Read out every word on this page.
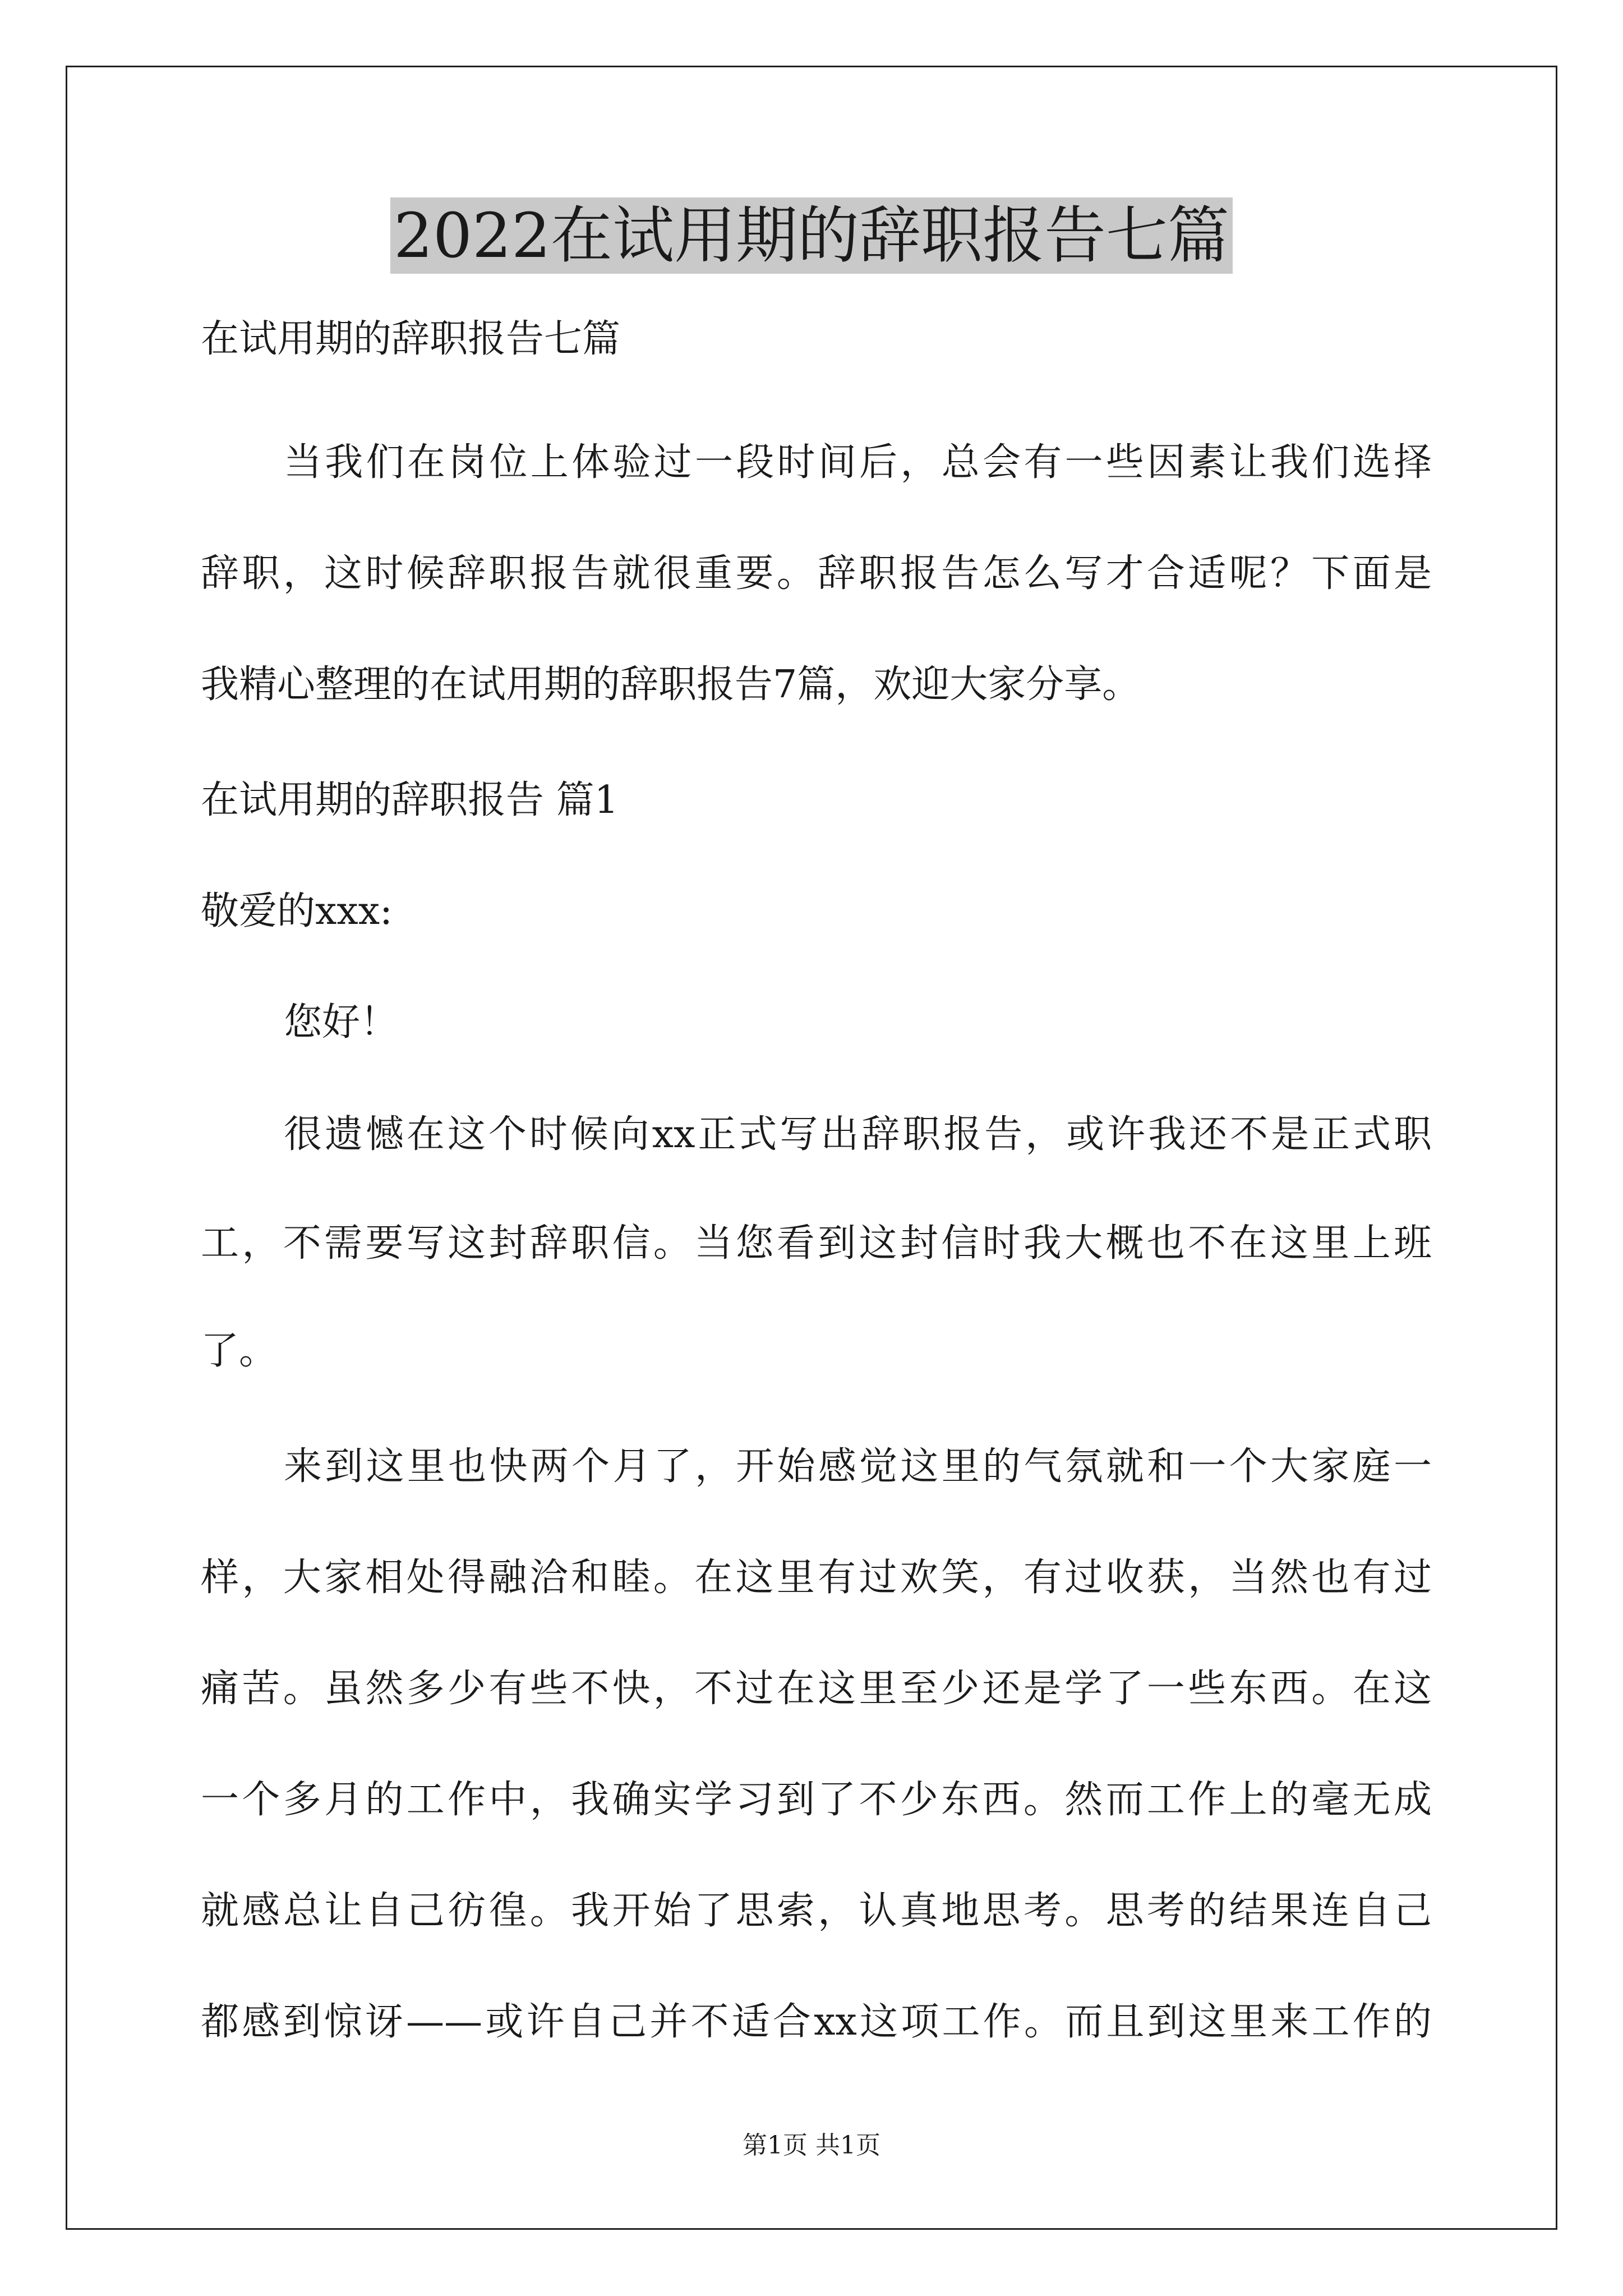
2022在试用期的辞职报告七篇
在试用期的辞职报告七篇
当我们在岗位上体验过一段时间后，总会有一些因素让我们选择
辞职，这时候辞职报告就很重要。辞职报告怎么写才合适呢？下面是
我精心整理的在试用期的辞职报告7篇，欢迎大家分享。
在试用期的辞职报告 篇1
敬爱的xxx:
您好！
很遗憾在这个时候向xx正式写出辞职报告，或许我还不是正式职
工，不需要写这封辞职信。当您看到这封信时我大概也不在这里上班
了。
来到这里也快两个月了，开始感觉这里的气氛就和一个大家庭一
样，大家相处得融洽和睦。在这里有过欢笑，有过收获，当然也有过
痛苦。虽然多少有些不快，不过在这里至少还是学了一些东西。在这
一个多月的工作中，我确实学习到了不少东西。然而工作上的毫无成
就感总让自己彷徨。我开始了思索，认真地思考。思考的结果连自己
都感到惊讶——或许自己并不适合xx这项工作。而且到这里来工作的
第1页 共1页
